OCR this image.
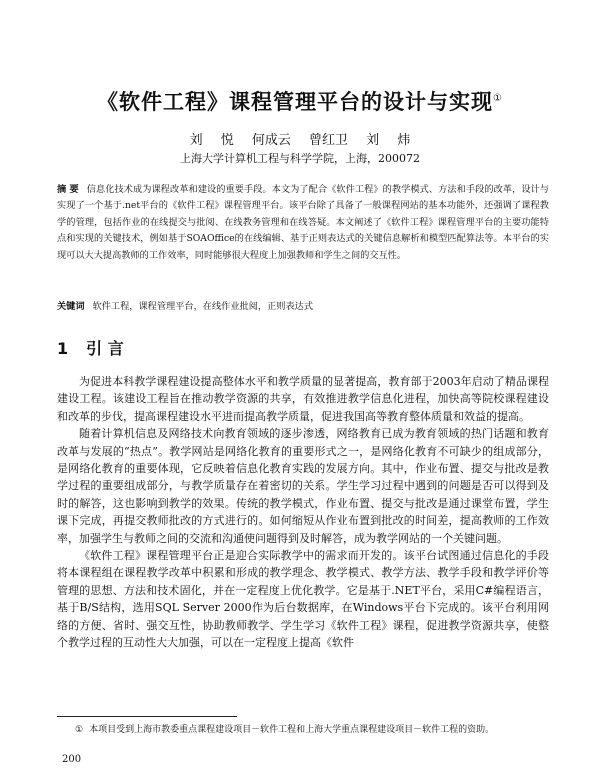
《软件工程》课程管理平台的设计与实现①
刘 悦 何成云 曾红卫 刘 炜
上海大学计算机工程与科学学院，上海，200072
摘 要 信息化技术成为课程改革和建设的重要手段。本文为了配合《软件工程》的教学模式、方法和手段的改革，设计与实现了一个基于.net平台的《软件工程》课程管理平台。该平台除了具备了一般课程网站的基本功能外，还强调了课程教学的管理，包括作业的在线提交与批阅、在线教务管理和在线答疑。本文阐述了《软件工程》课程管理平台的主要功能特点和实现的关键技术，例如基于SOAOffice的在线编辑、基于正则表达式的关键信息解析和模型匹配算法等。本平台的实现可以大大提高教师的工作效率，同时能够很大程度上加强教师和学生之间的交互性。
关键词 软件工程，课程管理平台，在线作业批阅，正则表达式
1 引 言

为促进本科教学课程建设提高整体水平和教学质量的显著提高，教育部于2003年启动了精品课程建设工程。该建设工程旨在推动教学资源的共享，有效推进教学信息化进程，加快高等院校课程建设和改革的步伐，提高课程建设水平进而提高教学质量，促进我国高等教育整体质量和效益的提高。

随着计算机信息及网络技术向教育领域的逐步渗透，网络教育已成为教育领域的热门话题和教育改革与发展的“热点”。教学网站是网络化教育的重要形式之一，是网络化教育不可缺少的组成部分，是网络化教育的重要体现，它反映着信息化教育实践的发展方向。其中，作业布置、提交与批改是教学过程的重要组成部分，与教学质量存在着密切的关系。学生学习过程中遇到的问题是否可以得到及时的解答，这也影响到教学的效果。传统的教学模式，作业布置、提交与批改是通过课堂布置，学生课下完成，再提交教师批改的方式进行的。如何缩短从作业布置到批改的时间差，提高教师的工作效率，加强学生与教师之间的交流和沟通使问题得到及时解答，成为教学网站的一个关键问题。

《软件工程》课程管理平台正是迎合实际教学中的需求而开发的。该平台试图通过信息化的手段将本课程组在课程教学改革中积累和形成的教学理念、教学模式、教学方法、教学手段和教学评价等管理的思想、方法和技术固化，并在一定程度上优化教学。它是基于.NET平台，采用C#编程语言，基于B/S结构，选用SQL Server 2000作为后台数据库，在Windows平台下完成的。该平台利用网络的方便、省时、强交互性，协助教师教学、学生学习《软件工程》课程，促进教学资源共享，使整个教学过程的互动性大大加强，可以在一定程度上提高《软件

① 本项目受到上海市教委重点课程建设项目－软件工程和上海大学重点课程建设项目－软件工程的资助。
200
